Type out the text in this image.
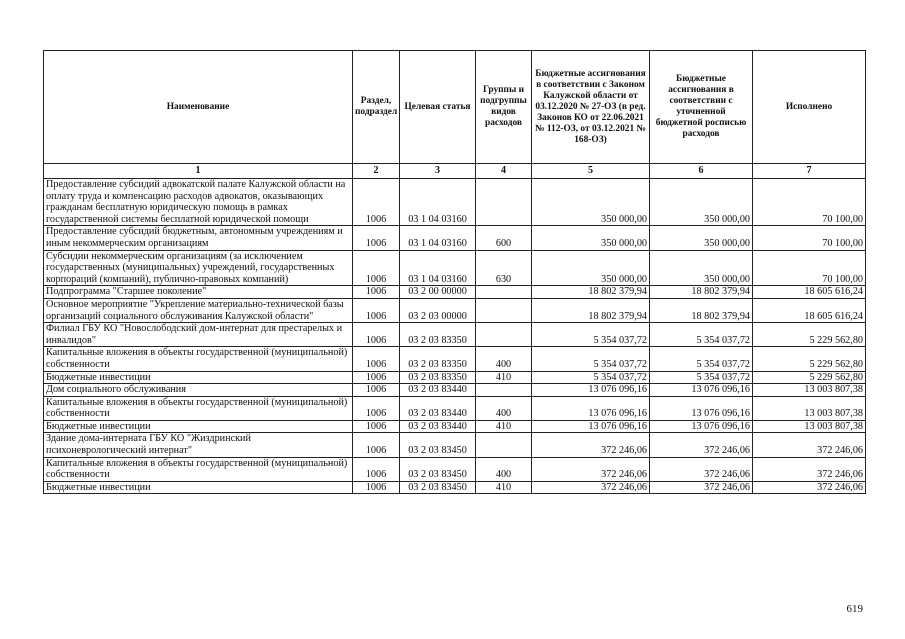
Наименование	Раздел, подраздел	Целевая статья	Группы и подгруппы видов расходов	Бюджетные ассигнования в соответствии с Законом Калужской области от 03.12.2020 № 27-ОЗ (в ред. Законов КО от 22.06.2021 № 112-ОЗ, от 03.12.2021 № 168-ОЗ)	Бюджетные ассигнования в соответствии с уточненной бюджетной росписью расходов	Исполнено
1	2	3	4	5	6	7
Предоставление субсидий адвокатской палате Калужской области на оплату труда и компенсацию расходов адвокатов, оказывающих гражданам бесплатную юридическую помощь в рамках государственной системы бесплатной юридической помощи	1006	03 1 04 03160		350 000,00	350 000,00	70 100,00
Предоставление субсидий бюджетным, автономным учреждениям и иным некоммерческим организациям	1006	03 1 04 03160	600	350 000,00	350 000,00	70 100,00
Субсидии некоммерческим организациям (за исключением государственных (муниципальных) учреждений, государственных корпораций (компаний), публично-правовых компаний)	1006	03 1 04 03160	630	350 000,00	350 000,00	70 100,00
Подпрограмма "Старшее поколение"	1006	03 2 00 00000		18 802 379,94	18 802 379,94	18 605 616,24
Основное мероприятие "Укрепление материально-технической базы организаций социального обслуживания Калужской области"	1006	03 2 03 00000		18 802 379,94	18 802 379,94	18 605 616,24
Филиал ГБУ КО "Новослободский дом-интернат для престарелых и инвалидов"	1006	03 2 03 83350		5 354 037,72	5 354 037,72	5 229 562,80
Капитальные вложения в объекты государственной (муниципальной) собственности	1006	03 2 03 83350	400	5 354 037,72	5 354 037,72	5 229 562,80
Бюджетные инвестиции	1006	03 2 03 83350	410	5 354 037,72	5 354 037,72	5 229 562,80
Дом социального обслуживания	1006	03 2 03 83440		13 076 096,16	13 076 096,16	13 003 807,38
Капитальные вложения в объекты государственной (муниципальной) собственности	1006	03 2 03 83440	400	13 076 096,16	13 076 096,16	13 003 807,38
Бюджетные инвестиции	1006	03 2 03 83440	410	13 076 096,16	13 076 096,16	13 003 807,38
Здание дома-интерната ГБУ КО "Жиздринский психоневрологический интернат"	1006	03 2 03 83450		372 246,06	372 246,06	372 246,06
Капитальные вложения в объекты государственной (муниципальной) собственности	1006	03 2 03 83450	400	372 246,06	372 246,06	372 246,06
Бюджетные инвестиции	1006	03 2 03 83450	410	372 246,06	372 246,06	372 246,06
619
